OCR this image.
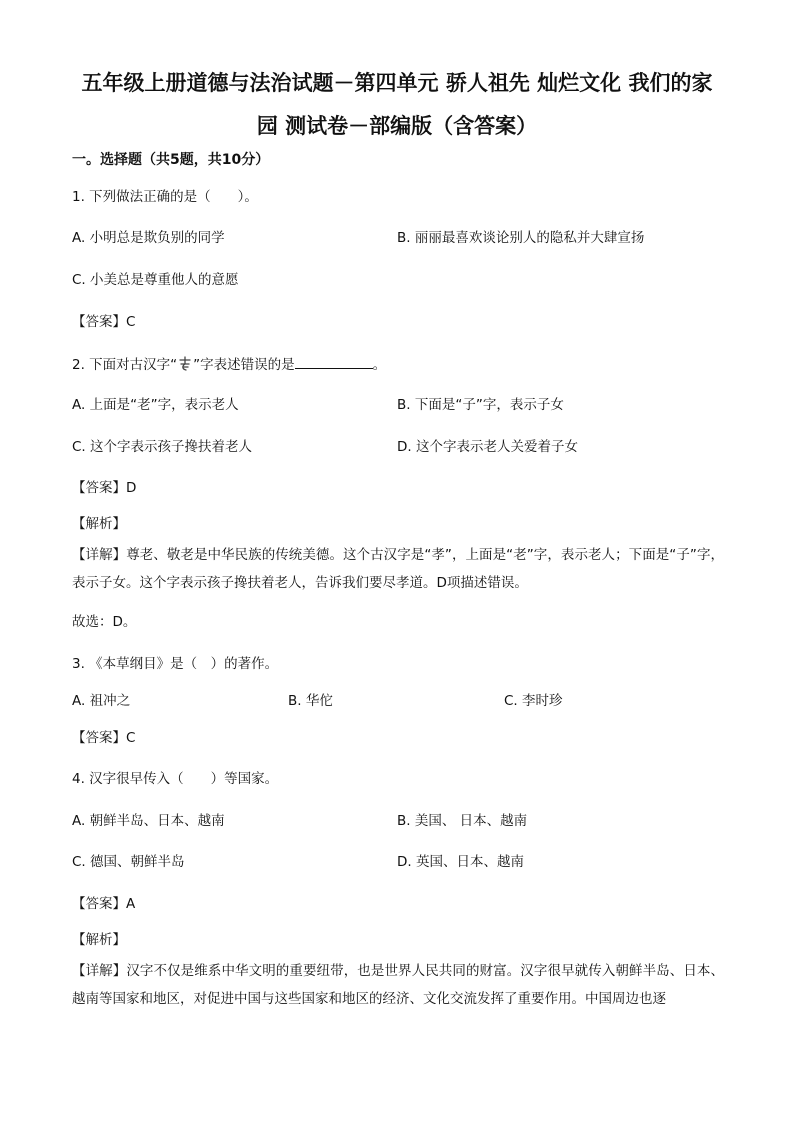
五年级上册道德与法治试题－第四单元 骄人祖先 灿烂文化 我们的家
园 测试卷－部编版（含答案）
一。选择题（共5题，共10分）
1. 下列做法正确的是（　　）。
A. 小明总是欺负别的同学	B. 丽丽最喜欢谈论别人的隐私并大肆宣扬
C. 小美总是尊重他人的意愿
【答案】C
2. 下面对古汉字“ ”字表述错误的是	。
A. 上面是“老”字，表示老人	B. 下面是“子”字，表示子女
C. 这个字表示孩子搀扶着老人	D. 这个字表示老人关爱着子女
【答案】D
【解析】
【详解】尊老、敬老是中华民族的传统美德。这个古汉字是“孝”，上面是“老”字，表示老人；下面是“子”字，表示子女。这个字表示孩子搀扶着老人，告诉我们要尽孝道。D项描述错误。
故选：D。
3. 《本草纲目》是（　）的著作。
A. 祖冲之	B. 华佗	C. 李时珍
【答案】C
4. 汉字很早传入（　　）等国家。
A. 朝鲜半岛、日本、越南	B. 美国、 日本、越南
C. 德国、朝鲜半岛	D. 英国、日本、越南
【答案】A
【解析】
【详解】汉字不仅是维系中华文明的重要纽带，也是世界人民共同的财富。汉字很早就传入朝鲜半岛、日本、越南等国家和地区，对促进中国与这些国家和地区的经济、文化交流发挥了重要作用。中国周边也逐
